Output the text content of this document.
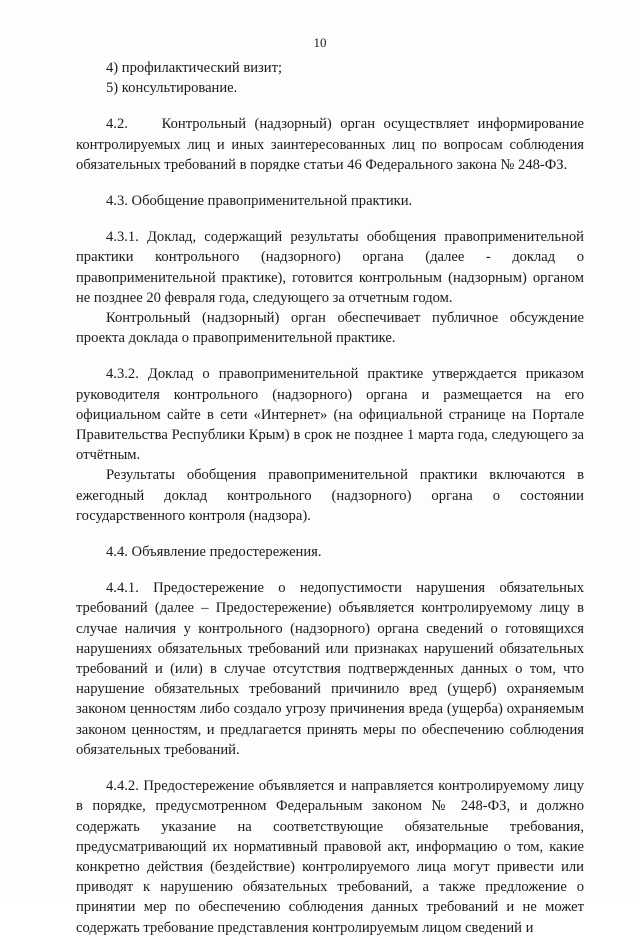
10

4) профилактический визит;

5) консультирование.

4.2.    Контрольный (надзорный) орган осуществляет информирование контролируемых лиц и иных заинтересованных лиц по вопросам соблюдения обязательных требований в порядке статьи 46 Федерального закона № 248-ФЗ.

4.3. Обобщение правоприменительной практики.

4.3.1. Доклад, содержащий результаты обобщения правоприменительной практики контрольного (надзорного) органа (далее - доклад о правоприменительной практике), готовится контрольным (надзорным) органом не позднее 20 февраля года, следующего за отчетным годом.

Контрольный (надзорный) орган обеспечивает публичное обсуждение проекта доклада о правоприменительной практике.

4.3.2. Доклад о правоприменительной практике утверждается приказом руководителя контрольного (надзорного) органа и размещается на его официальном сайте в сети «Интернет» (на официальной странице на Портале Правительства Республики Крым) в срок не позднее 1 марта года, следующего за отчётным.

Результаты обобщения правоприменительной практики включаются в ежегодный доклад контрольного (надзорного) органа о состоянии государственного контроля (надзора).

4.4. Объявление предостережения.

4.4.1. Предостережение о недопустимости нарушения обязательных требований (далее – Предостережение) объявляется контролируемому лицу в случае наличия у контрольного (надзорного) органа сведений о готовящихся нарушениях обязательных требований или признаках нарушений обязательных требований и (или) в случае отсутствия подтвержденных данных о том, что нарушение обязательных требований причинило вред (ущерб) охраняемым законом ценностям либо создало угрозу причинения вреда (ущерба) охраняемым законом ценностям, и предлагается принять меры по обеспечению соблюдения обязательных требований.

4.4.2. Предостережение объявляется и направляется контролируемому лицу в порядке, предусмотренном Федеральным законом № 248-ФЗ, и должно содержать указание на соответствующие обязательные требования, предусматривающий их нормативный правовой акт, информацию о том, какие конкретно действия (бездействие) контролируемого лица могут привести или приводят к нарушению обязательных требований, а также предложение о принятии мер по обеспечению соблюдения данных требований и не может содержать требование представления контролируемым лицом сведений и
